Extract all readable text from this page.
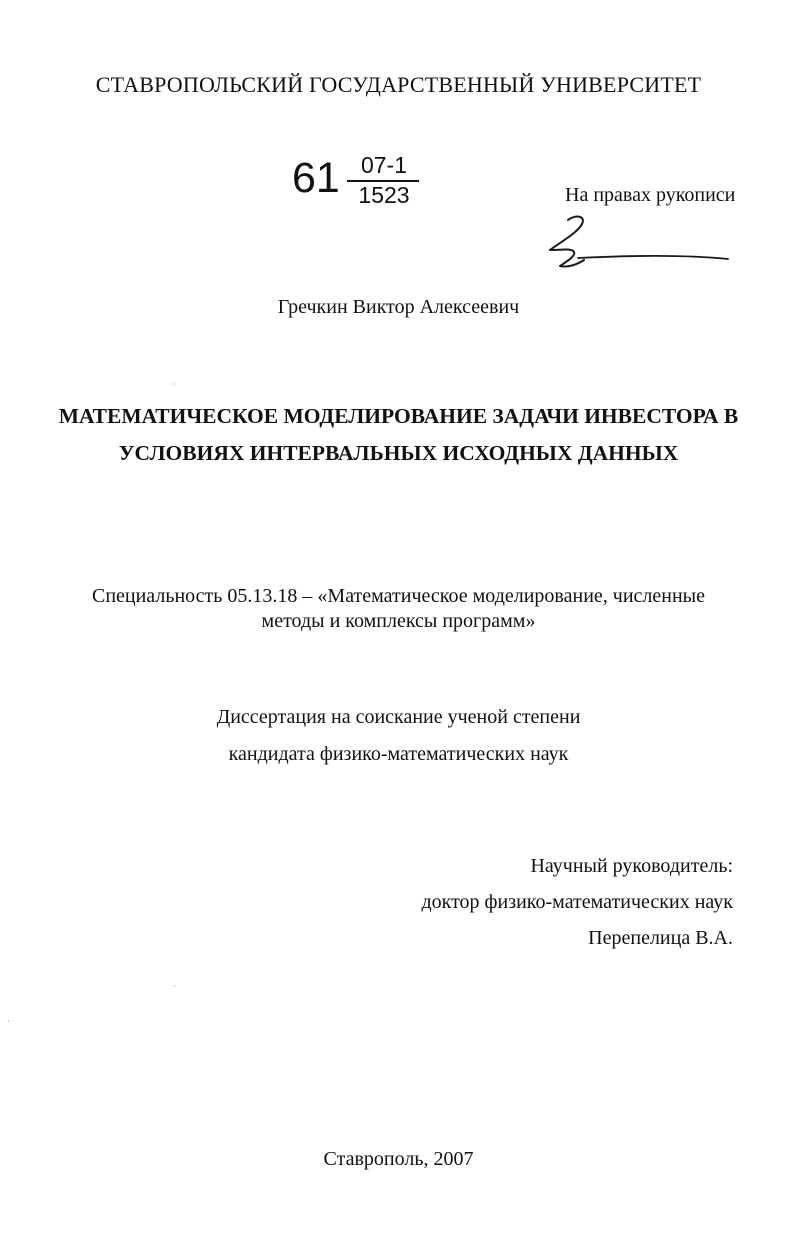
СТАВРОПОЛЬСКИЙ ГОСУДАРСТВЕННЫЙ УНИВЕРСИТЕТ
61 07-1
1523	На правах рукописи
Гречкин Виктор Алексеевич
МАТЕМАТИЧЕСКОЕ МОДЕЛИРОВАНИЕ ЗАДАЧИ ИНВЕСТОРА В
УСЛОВИЯХ ИНТЕРВАЛЬНЫХ ИСХОДНЫХ ДАННЫХ
Специальность 05.13.18 – «Математическое моделирование, численные
методы и комплексы программ»
Диссертация на соискание ученой степени
кандидата физико-математических наук
Научный руководитель:
доктор физико-математических наук
Перепелица В.А.
Ставрополь, 2007
